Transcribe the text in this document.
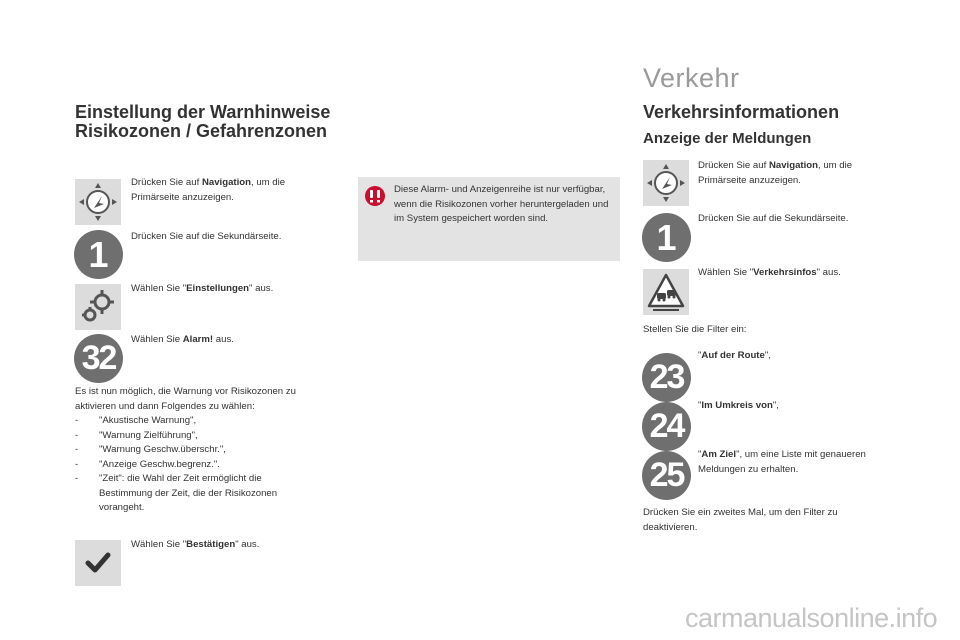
Einstellung der Warnhinweise
Risikozonen / Gefahrenzonen
Drücken Sie auf Navigation, um die Primärseite anzuzeigen.
1	Drücken Sie auf die Sekundärseite.
Wählen Sie "Einstellungen" aus.
32	Wählen Sie Alarm! aus.
Es ist nun möglich, die Warnung vor Risikozonen zu aktivieren und dann Folgendes zu wählen:
- "Akustische Warnung",
- "Warnung Zielführung",
- "Warnung Geschw.überschr.",
- "Anzeige Geschw.begrenz.".
- "Zeit": die Wahl der Zeit ermöglicht die Bestimmung der Zeit, die der Risikozonen vorangeht.
Wählen Sie "Bestätigen" aus.
Diese Alarm- und Anzeigenreihe ist nur verfügbar, wenn die Risikozonen vorher heruntergeladen und im System gespeichert worden sind.
Verkehr
Verkehrsinformationen
Anzeige der Meldungen
Drücken Sie auf Navigation, um die Primärseite anzuzeigen.
1	Drücken Sie auf die Sekundärseite.
Wählen Sie "Verkehrsinfos" aus.
Stellen Sie die Filter ein:
23
"Auf der Route",
24
"Im Umkreis von",
25
"Am Ziel", um eine Liste mit genaueren Meldungen zu erhalten.
Drücken Sie ein zweites Mal, um den Filter zu deaktivieren.
carmanualsonline.info
